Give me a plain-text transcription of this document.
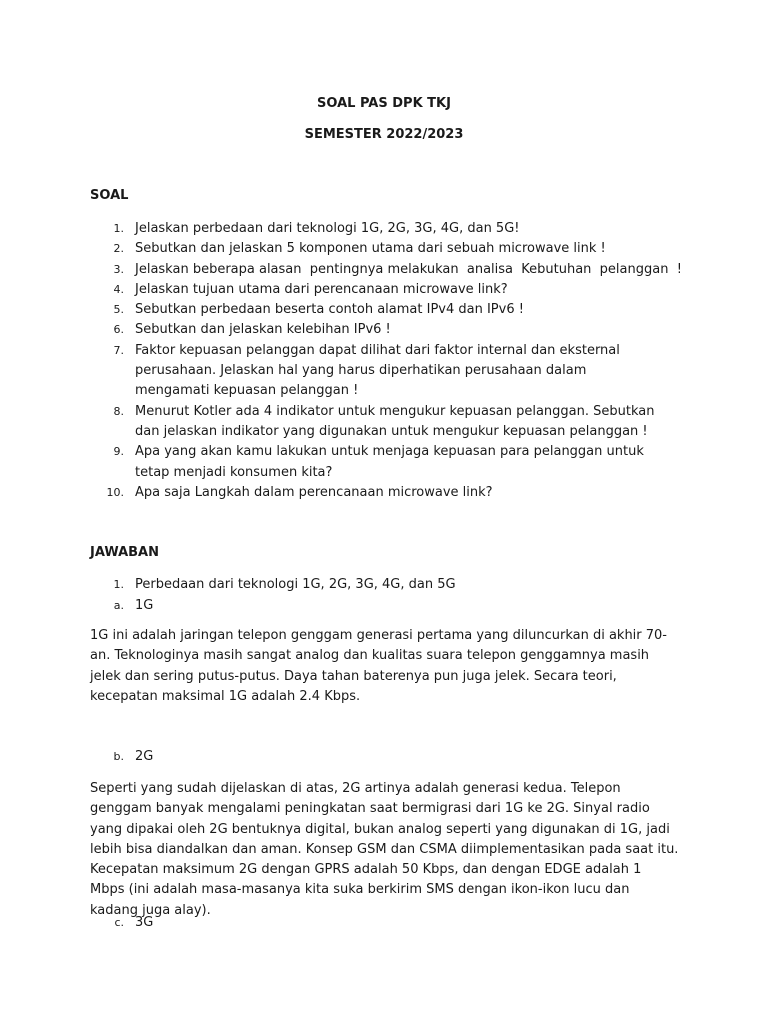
SOAL PAS DPK TKJ
SEMESTER 2022/2023
SOAL
1. Jelaskan perbedaan dari teknologi 1G, 2G, 3G, 4G, dan 5G!
2. Sebutkan dan jelaskan 5 komponen utama dari sebuah microwave link !
3. Jelaskan beberapa alasan  pentingnya melakukan  analisa  Kebutuhan  pelanggan  !
4. Jelaskan tujuan utama dari perencanaan microwave link?
5. Sebutkan perbedaan beserta contoh alamat IPv4 dan IPv6 !
6. Sebutkan dan jelaskan kelebihan IPv6 !
7. Faktor kepuasan pelanggan dapat dilihat dari faktor internal dan eksternal perusahaan. Jelaskan hal yang harus diperhatikan perusahaan dalam mengamati kepuasan pelanggan !
8. Menurut Kotler ada 4 indikator untuk mengukur kepuasan pelanggan. Sebutkan dan jelaskan indikator yang digunakan untuk mengukur kepuasan pelanggan !
9. Apa yang akan kamu lakukan untuk menjaga kepuasan para pelanggan untuk tetap menjadi konsumen kita?
10. Apa saja Langkah dalam perencanaan microwave link?
JAWABAN
1. Perbedaan dari teknologi 1G, 2G, 3G, 4G, dan 5G
a. 1G
1G ini adalah jaringan telepon genggam generasi pertama yang diluncurkan di akhir 70-an. Teknologinya masih sangat analog dan kualitas suara telepon genggamnya masih jelek dan sering putus-putus. Daya tahan baterenya pun juga jelek. Secara teori, kecepatan maksimal 1G adalah 2.4 Kbps.
b. 2G
Seperti yang sudah dijelaskan di atas, 2G artinya adalah generasi kedua. Telepon genggam banyak mengalami peningkatan saat bermigrasi dari 1G ke 2G. Sinyal radio yang dipakai oleh 2G bentuknya digital, bukan analog seperti yang digunakan di 1G, jadi lebih bisa diandalkan dan aman. Konsep GSM dan CSMA diimplementasikan pada saat itu. Kecepatan maksimum 2G dengan GPRS adalah 50 Kbps, dan dengan EDGE adalah 1 Mbps (ini adalah masa-masanya kita suka berkirim SMS dengan ikon-ikon lucu dan kadang juga alay).
c. 3G
